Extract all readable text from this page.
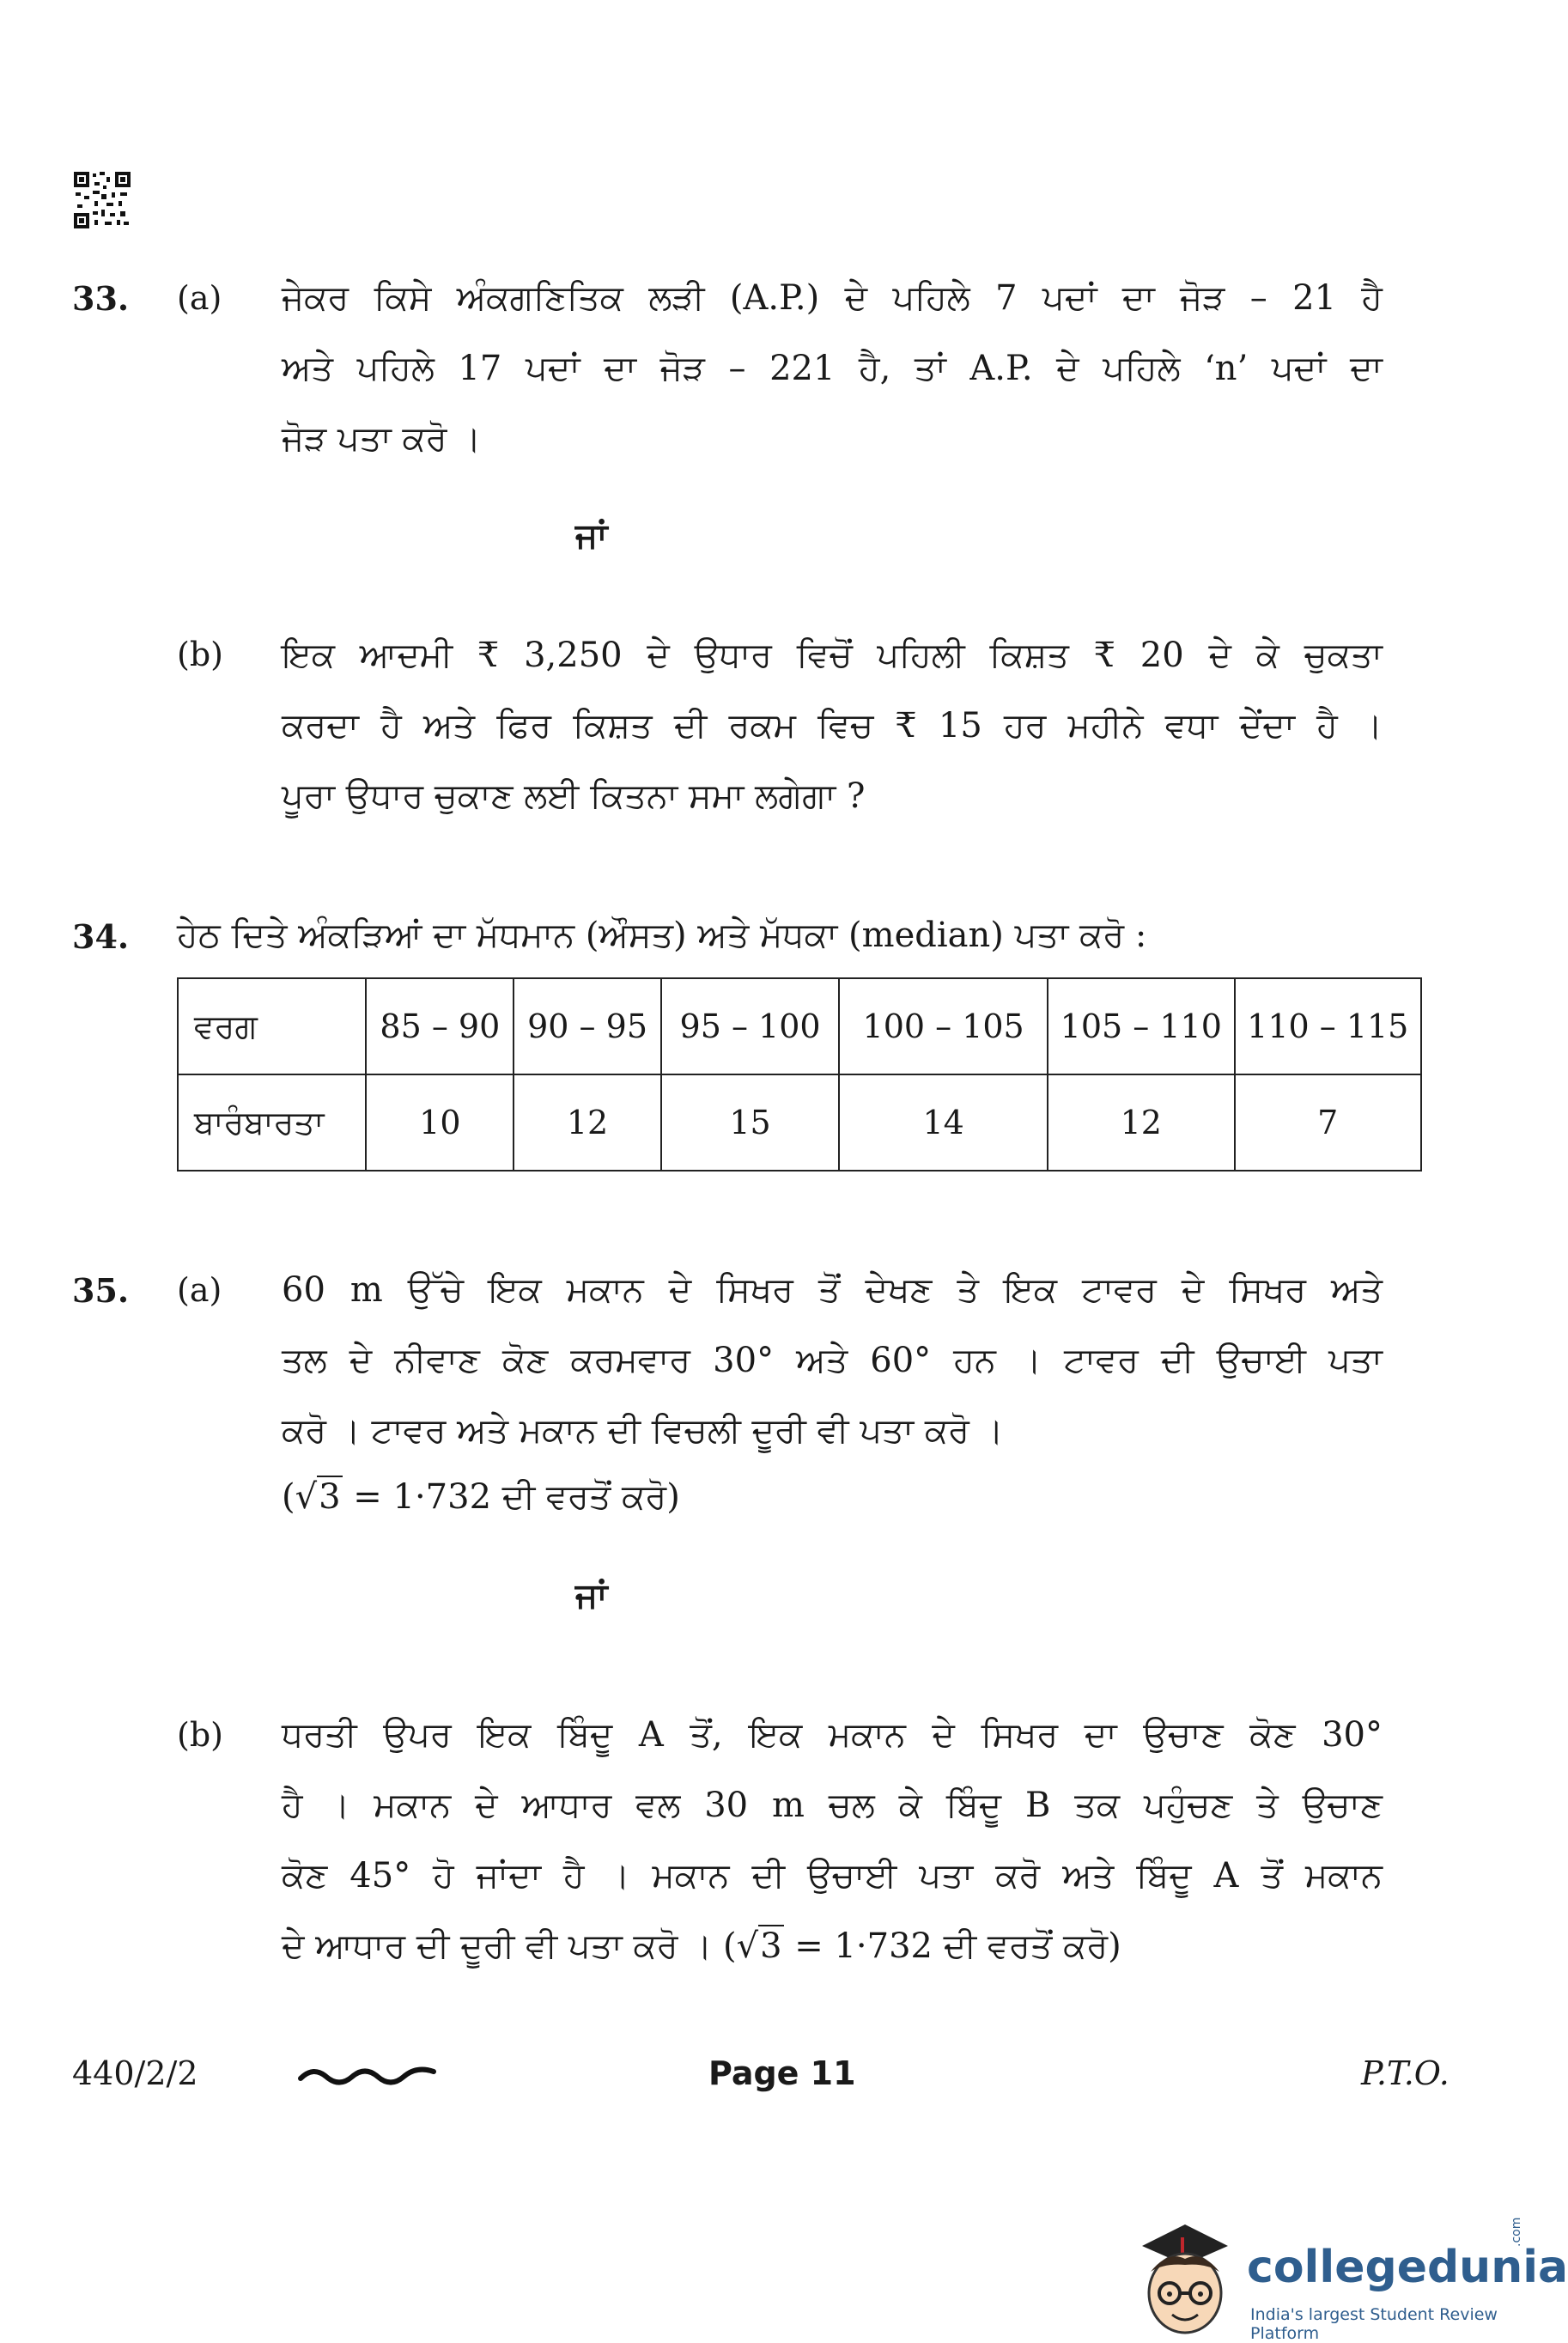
33. (a) ਜੇਕਰ ਕਿਸੇ ਅੰਕਗਣਿਤਿਕ ਲੜੀ (A.P.) ਦੇ ਪਹਿਲੇ 7 ਪਦਾਂ ਦਾ ਜੋੜ – 21 ਹੈ
ਅਤੇ ਪਹਿਲੇ 17 ਪਦਾਂ ਦਾ ਜੋੜ – 221 ਹੈ, ਤਾਂ A.P. ਦੇ ਪਹਿਲੇ ‘n’ ਪਦਾਂ ਦਾ
ਜੋੜ ਪਤਾ ਕਰੋ ।
ਜਾਂ
(b) ਇਕ ਆਦਮੀ ₹ 3,250 ਦੇ ਉਧਾਰ ਵਿਚੋਂ ਪਹਿਲੀ ਕਿਸ਼ਤ ₹ 20 ਦੇ ਕੇ ਚੁਕਤਾ
ਕਰਦਾ ਹੈ ਅਤੇ ਫਿਰ ਕਿਸ਼ਤ ਦੀ ਰਕਮ ਵਿਚ ₹ 15 ਹਰ ਮਹੀਨੇ ਵਧਾ ਦੇਂਦਾ ਹੈ ।
ਪੂਰਾ ਉਧਾਰ ਚੁਕਾਣ ਲਈ ਕਿਤਨਾ ਸਮਾ ਲਗੇਗਾ ?
34. ਹੇਠ ਦਿਤੇ ਅੰਕੜਿਆਂ ਦਾ ਮੱਧਮਾਨ (ਔਸਤ) ਅਤੇ ਮੱਧਕਾ (median) ਪਤਾ ਕਰੋ :
ਵਰਗ	85 – 90	90 – 95	95 – 100	100 – 105	105 – 110	110 – 115
ਬਾਰੰਬਾਰਤਾ	10	12	15	14	12	7
35. (a) 60 m ਉੱਚੇ ਇਕ ਮਕਾਨ ਦੇ ਸਿਖਰ ਤੋਂ ਦੇਖਣ ਤੇ ਇਕ ਟਾਵਰ ਦੇ ਸਿਖਰ ਅਤੇ
ਤਲ ਦੇ ਨੀਵਾਣ ਕੋਣ ਕਰਮਵਾਰ 30° ਅਤੇ 60° ਹਨ । ਟਾਵਰ ਦੀ ਉਚਾਈ ਪਤਾ
ਕਰੋ । ਟਾਵਰ ਅਤੇ ਮਕਾਨ ਦੀ ਵਿਚਲੀ ਦੂਰੀ ਵੀ ਪਤਾ ਕਰੋ ।
(√3 = 1·732 ਦੀ ਵਰਤੋਂ ਕਰੋ)
ਜਾਂ
(b) ਧਰਤੀ ਉਪਰ ਇਕ ਬਿੰਦੂ A ਤੋਂ, ਇਕ ਮਕਾਨ ਦੇ ਸਿਖਰ ਦਾ ਉਚਾਣ ਕੋਣ 30°
ਹੈ । ਮਕਾਨ ਦੇ ਆਧਾਰ ਵਲ 30 m ਚਲ ਕੇ ਬਿੰਦੂ B ਤਕ ਪਹੁੰਚਣ ਤੇ ਉਚਾਣ
ਕੋਣ 45° ਹੋ ਜਾਂਦਾ ਹੈ । ਮਕਾਨ ਦੀ ਉਚਾਈ ਪਤਾ ਕਰੋ ਅਤੇ ਬਿੰਦੂ A ਤੋਂ ਮਕਾਨ
ਦੇ ਆਧਾਰ ਦੀ ਦੂਰੀ ਵੀ ਪਤਾ ਕਰੋ । (√3 = 1·732 ਦੀ ਵਰਤੋਂ ਕਰੋ)
440/2/2	Page 11	P.T.O.
collegedunia
.com
India's largest Student Review Platform
